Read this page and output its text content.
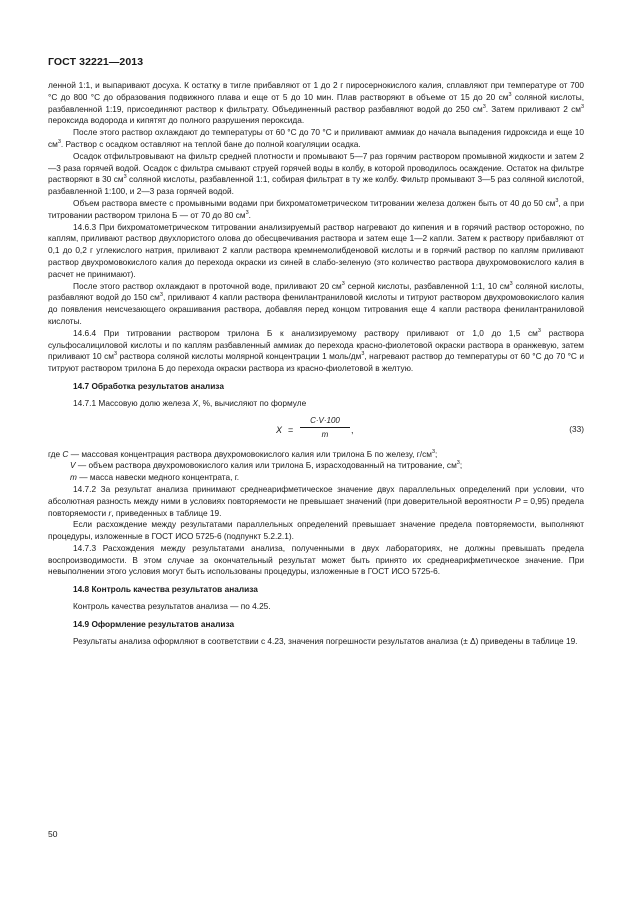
ГОСТ 32221—2013

ленной 1:1, и выпаривают досуха. К остатку в тигле прибавляют от 1 до 2 г пиросернокислого калия, сплавляют при температуре от 700 °С до 800 °С до образования подвижного плава и еще от 5 до 10 мин. Плав растворяют в объеме от 15 до 20 $см^3$ соляной кислоты, разбавленной 1:19, присоединяют раствор к фильтрату. Объединенный раствор разбавляют водой до 250 $см^3$. Затем приливают 2 $см^3$ пероксида водорода и кипятят до полного разрушения пероксида.

После этого раствор охлаждают до температуры от 60 °С до 70 °С и приливают аммиак до начала выпадения гидроксида и еще 10 $см^3$. Раствор с осадком оставляют на теплой бане до полной коагуляции осадка.

Осадок отфильтровывают на фильтр средней плотности и промывают 5—7 раз горячим раствором промывной жидкости и затем 2—3 раза горячей водой. Осадок с фильтра смывают струей горячей воды в колбу, в которой проводилось осаждение. Остаток на фильтре растворяют в 30 $см^3$ соляной кислоты, разбавленной 1:1, собирая фильтрат в ту же колбу. Фильтр промывают 3—5 раз соляной кислотой, разбавленной 1:100, и 2—3 раза горячей водой.

Объем раствора вместе с промывными водами при бихроматометрическом титровании железа должен быть от 40 до 50 $см^3$, а при титровании раствором трилона Б — от 70 до 80 $см^3$.

14.6.3 При бихроматометрическом титровании анализируемый раствор нагревают до кипения и в горячий раствор осторожно, по каплям, приливают раствор двухлористого олова до обесцвечивания раствора и затем еще 1—2 капли. Затем к раствору прибавляют от 0,1 до 0,2 г углекислого натрия, приливают 2 капли раствора кремнемолибденовой кислоты и в горячий раствор по каплям приливают раствор двухромовокислого калия до перехода окраски из синей в слабо-зеленую (это количество раствора двухромовокислого калия в расчет не принимают).

После этого раствор охлаждают в проточной воде, приливают 20 $см^3$ серной кислоты, разбавленной 1:1, 10 $см^3$ соляной кислоты, разбавляют водой до 150 $см^3$, приливают 4 капли раствора фенилантраниловой кислоты и титруют раствором двухромовокислого калия до появления неисчезающего окрашивания раствора, добавляя перед концом титрования еще 4 капли раствора фенилантраниловой кислоты.

14.6.4 При титровании раствором трилона Б к анализируемому раствору приливают от 1,0 до 1,5 $см^3$ раствора сульфосалициловой кислоты и по каплям разбавленный аммиак до перехода красно-фиолетовой окраски раствора в оранжевую, затем приливают 10 $см^3$ раствора соляной кислоты молярной концентрации 1 моль/$дм^3$, нагревают раствор до температуры от 60 °С до 70 °С и титруют раствором трилона Б до перехода окраски раствора из красно-фиолетовой в желтую.

14.7 Обработка результатов анализа

14.7.1 Массовую долю железа X, %, вычисляют по формуле

$X = \frac{C\cdot V\cdot 100}{m}$ ,	(33)

где C — массовая концентрация раствора двухромовокислого калия или трилона Б по железу, $г/см^3$;

V — объем раствора двухромовокислого калия или трилона Б, израсходованный на титрование, $см^3$;

m — масса навески медного концентрата, г.

14.7.2 За результат анализа принимают среднеарифметическое значение двух параллельных определений при условии, что абсолютная разность между ними в условиях повторяемости не превышает значений (при доверительной вероятности P = 0,95) предела повторяемости r, приведенных в таблице 19.

Если расхождение между результатами параллельных определений превышает значение предела повторяемости, выполняют процедуры, изложенные в ГОСТ ИСО 5725-6 (подпункт 5.2.2.1).

14.7.3 Расхождения между результатами анализа, полученными в двух лабораториях, не должны превышать предела воспроизводимости. В этом случае за окончательный результат может быть принято их среднеарифметическое значение. При невыполнении этого условия могут быть использованы процедуры, изложенные в ГОСТ ИСО 5725-6.

14.8 Контроль качества результатов анализа

Контроль качества результатов анализа — по 4.25.

14.9 Оформление результатов анализа

Результаты анализа оформляют в соответствии с 4.23, значения погрешности результатов анализа (± Δ) приведены в таблице 19.

50
